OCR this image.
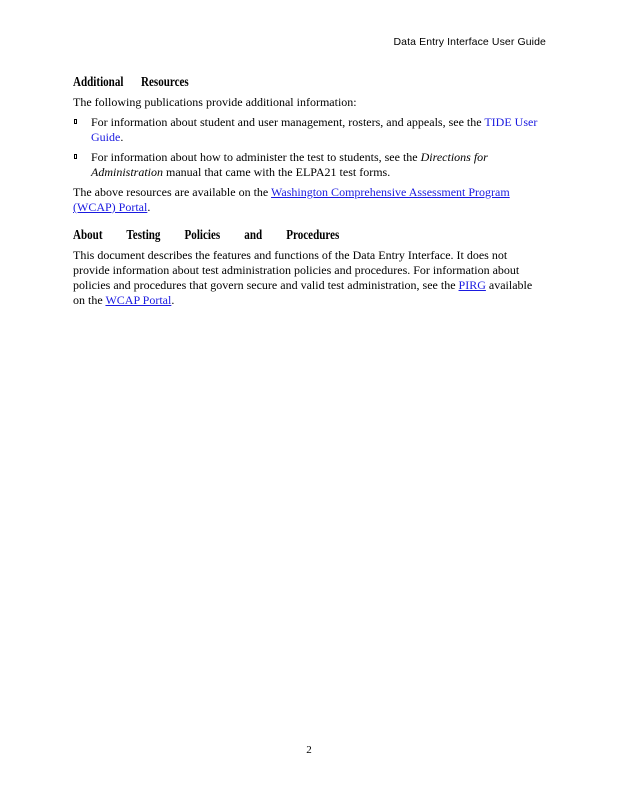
Data Entry Interface User Guide
Additional Resources

The following publications provide additional information:

For information about student and user management, rosters, and appeals, see the TIDE User Guide.
For information about how to administer the test to students, see the Directions for Administration manual that came with the ELPA21 test forms.

The above resources are available on the Washington Comprehensive Assessment Program (WCAP) Portal.

About Testing Policies and Procedures

This document describes the features and functions of the Data Entry Interface. It does not provide information about test administration policies and procedures. For information about policies and procedures that govern secure and valid test administration, see the PIRG available on the WCAP Portal.

2
